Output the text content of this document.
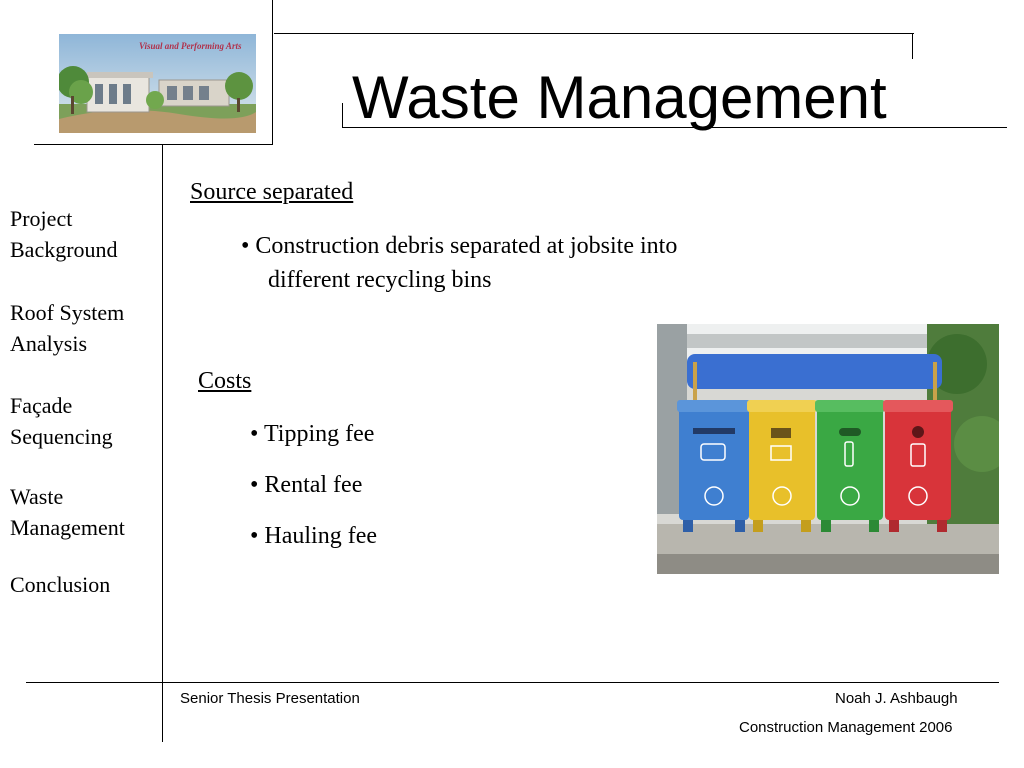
Visual and Performing Arts
Waste Management
Project
Background
Roof System
Analysis
Façade
Sequencing
Waste
Management
Conclusion
Source separated
• Construction debris separated at jobsite into
different recycling bins
Costs
• Tipping fee
• Rental fee
• Hauling fee
Senior Thesis Presentation	Noah J. Ashbaugh
Construction Management 2006
